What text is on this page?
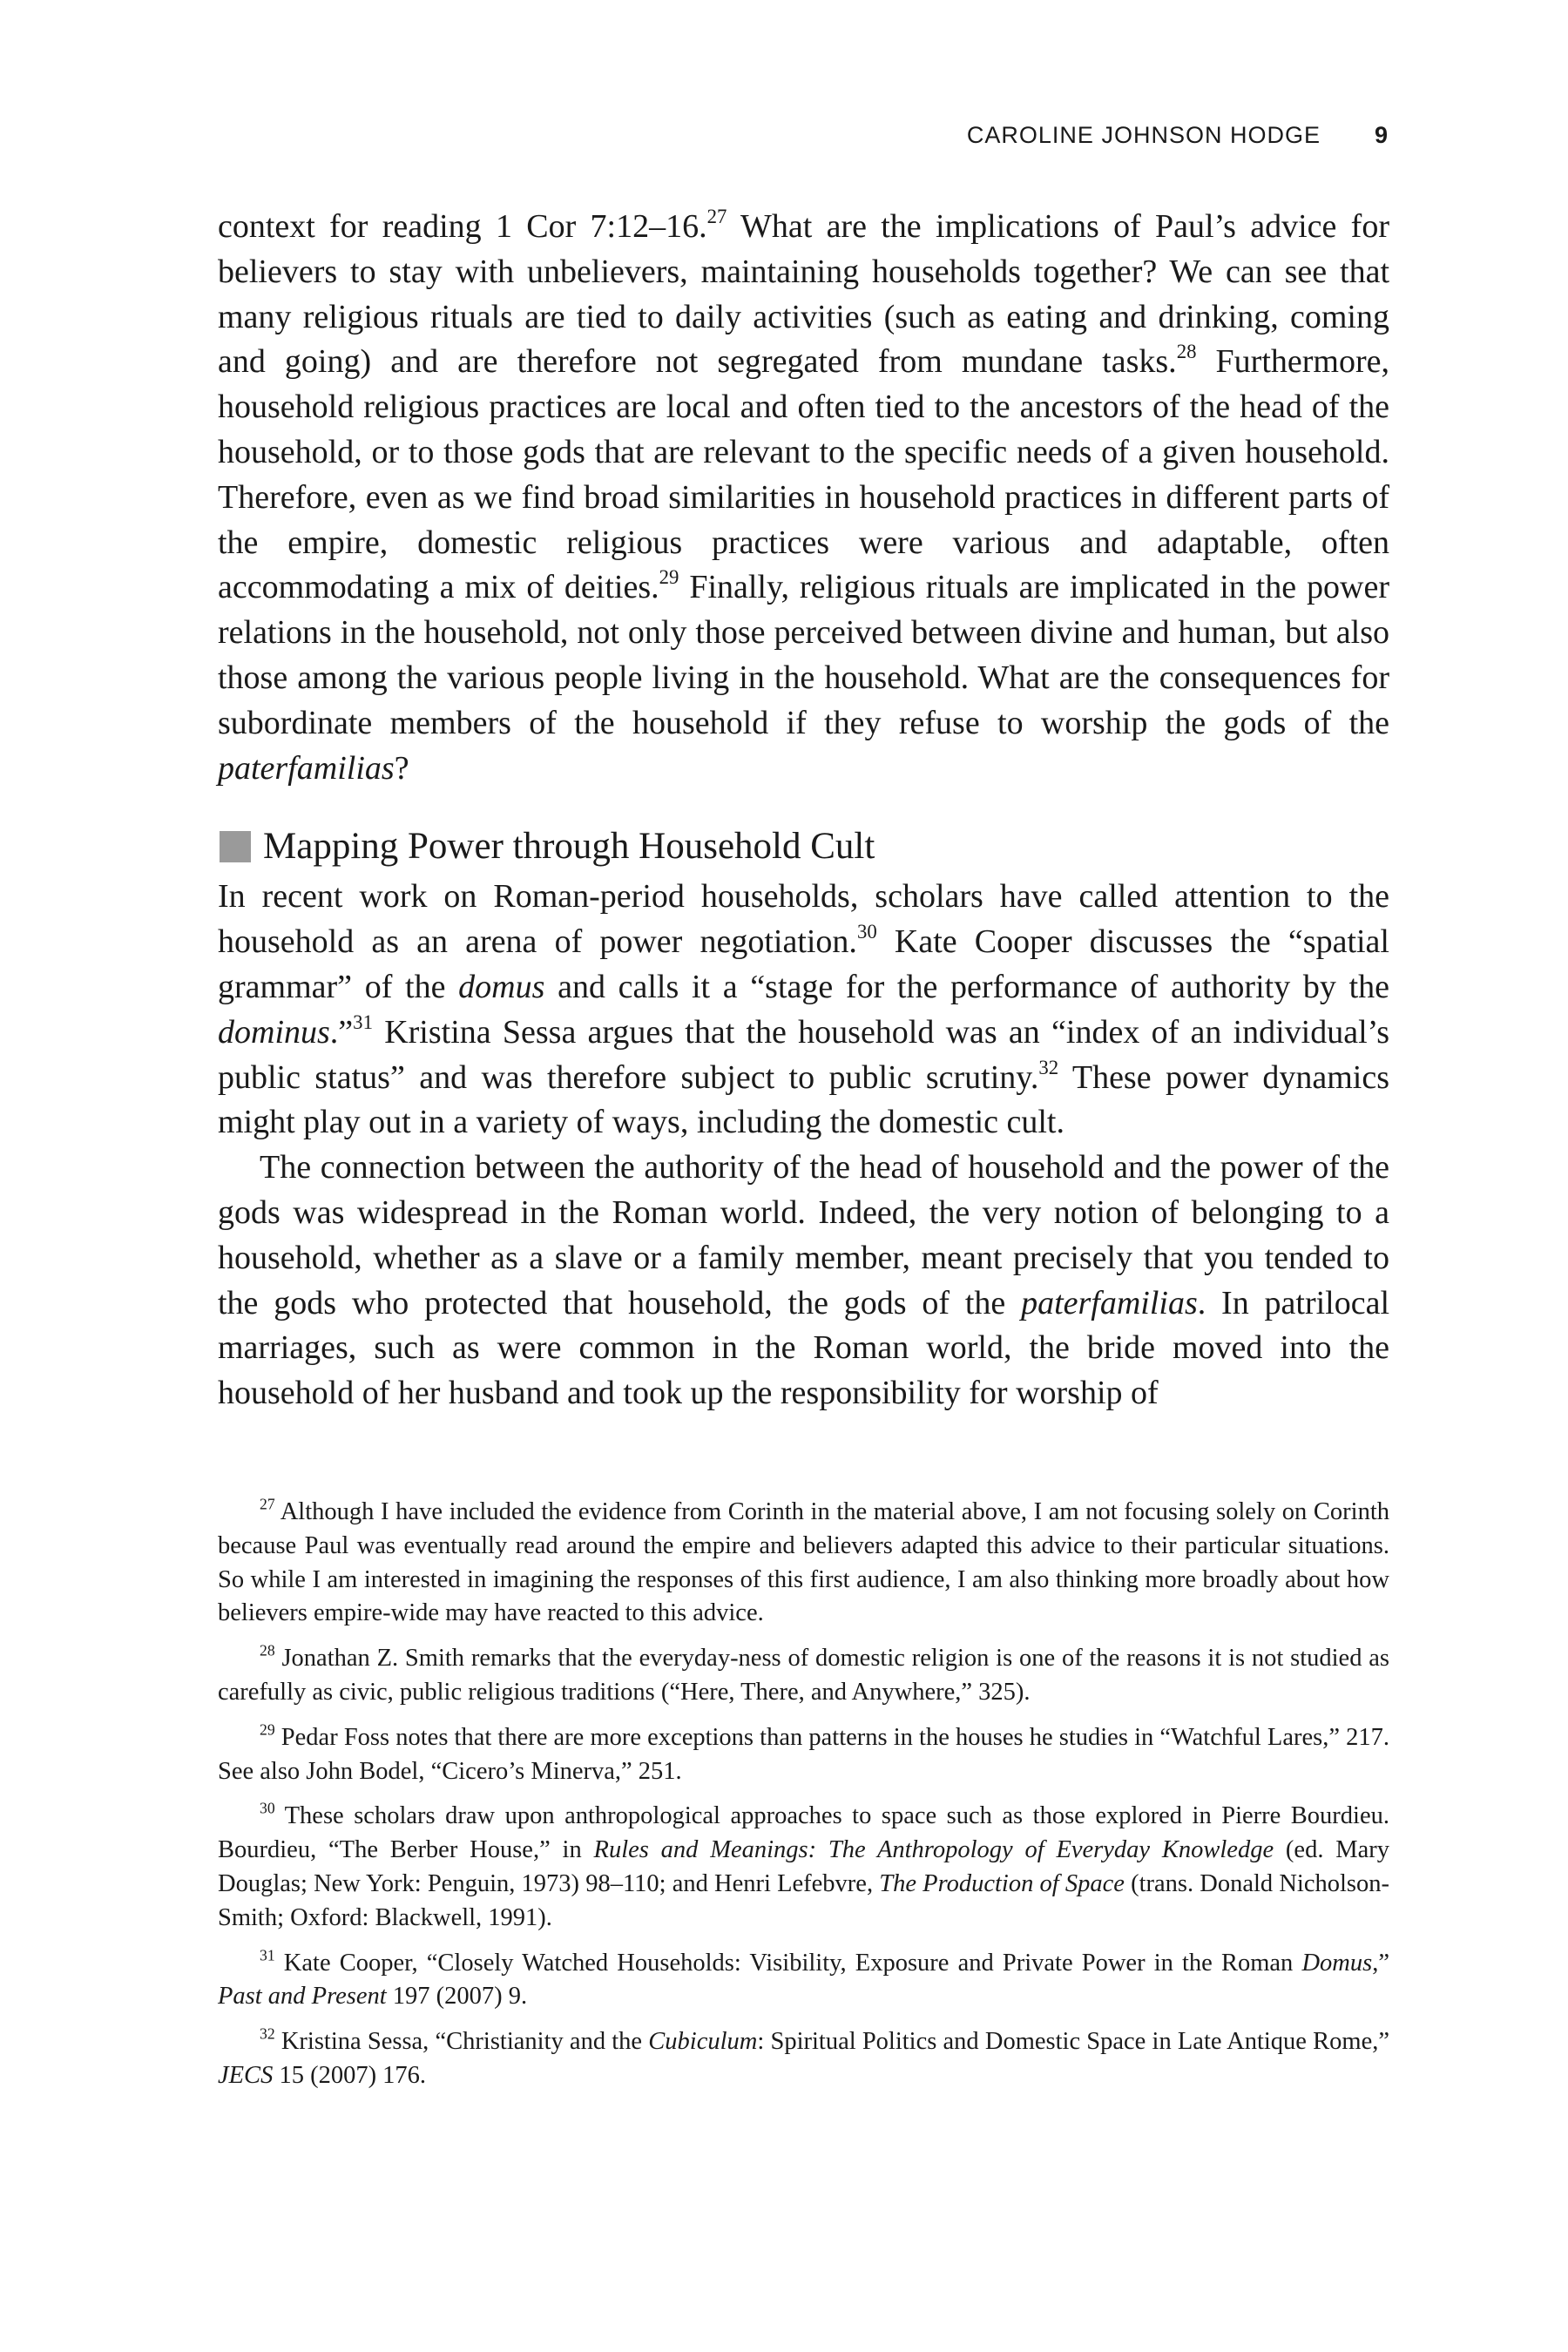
CAROLINE JOHNSON HODGE 9

context for reading 1 Cor 7:12–16.27 What are the implications of Paul’s advice for believers to stay with unbelievers, maintaining households together? We can see that many religious rituals are tied to daily activities (such as eating and drinking, coming and going) and are therefore not segregated from mundane tasks.$^{28}$ Furthermore, household religious practices are local and often tied to the ancestors of the head of the household, or to those gods that are relevant to the specific needs of a given household. Therefore, even as we find broad similarities in household practices in different parts of the empire, domestic religious practices were various and adaptable, often accommodating a mix of deities.$^{29}$ Finally, religious rituals are implicated in the power relations in the household, not only those perceived between divine and human, but also those among the various people living in the household. What are the consequences for subordinate members of the household if they refuse to worship the gods of the paterfamilias?

Mapping Power through Household Cult

In recent work on Roman-period households, scholars have called attention to the household as an arena of power negotiation.$^{30}$ Kate Cooper discusses the “spatial grammar” of the domus and calls it a “stage for the performance of authority by the dominus.”$^{31}$ Kristina Sessa argues that the household was an “index of an individual’s public status” and was therefore subject to public scrutiny.$^{32}$ These power dynamics might play out in a variety of ways, including the domestic cult.

The connection between the authority of the head of household and the power of the gods was widespread in the Roman world. Indeed, the very notion of belonging to a household, whether as a slave or a family member, meant precisely that you tended to the gods who protected that household, the gods of the paterfamilias. In patrilocal marriages, such as were common in the Roman world, the bride moved into the household of her husband and took up the responsibility for worship of

$^{27}$ Although I have included the evidence from Corinth in the material above, I am not focusing solely on Corinth because Paul was eventually read around the empire and believers adapted this advice to their particular situations. So while I am interested in imagining the responses of this first audience, I am also thinking more broadly about how believers empire-wide may have reacted to this advice.

$^{28}$ Jonathan Z. Smith remarks that the everyday-ness of domestic religion is one of the reasons it is not studied as carefully as civic, public religious traditions (“Here, There, and Anywhere,” 325).

$^{29}$ Pedar Foss notes that there are more exceptions than patterns in the houses he studies in “Watchful Lares,” 217. See also John Bodel, “Cicero’s Minerva,” 251.

$^{30}$ These scholars draw upon anthropological approaches to space such as those explored in Pierre Bourdieu. Bourdieu, “The Berber House,” in Rules and Meanings: The Anthropology of Everyday Knowledge (ed. Mary Douglas; New York: Penguin, 1973) 98–110; and Henri Lefebvre, The Production of Space (trans. Donald Nicholson-Smith; Oxford: Blackwell, 1991).

$^{31}$ Kate Cooper, “Closely Watched Households: Visibility, Exposure and Private Power in the Roman Domus,” Past and Present 197 (2007) 9.

$^{32}$ Kristina Sessa, “Christianity and the Cubiculum: Spiritual Politics and Domestic Space in Late Antique Rome,” JECS 15 (2007) 176.
